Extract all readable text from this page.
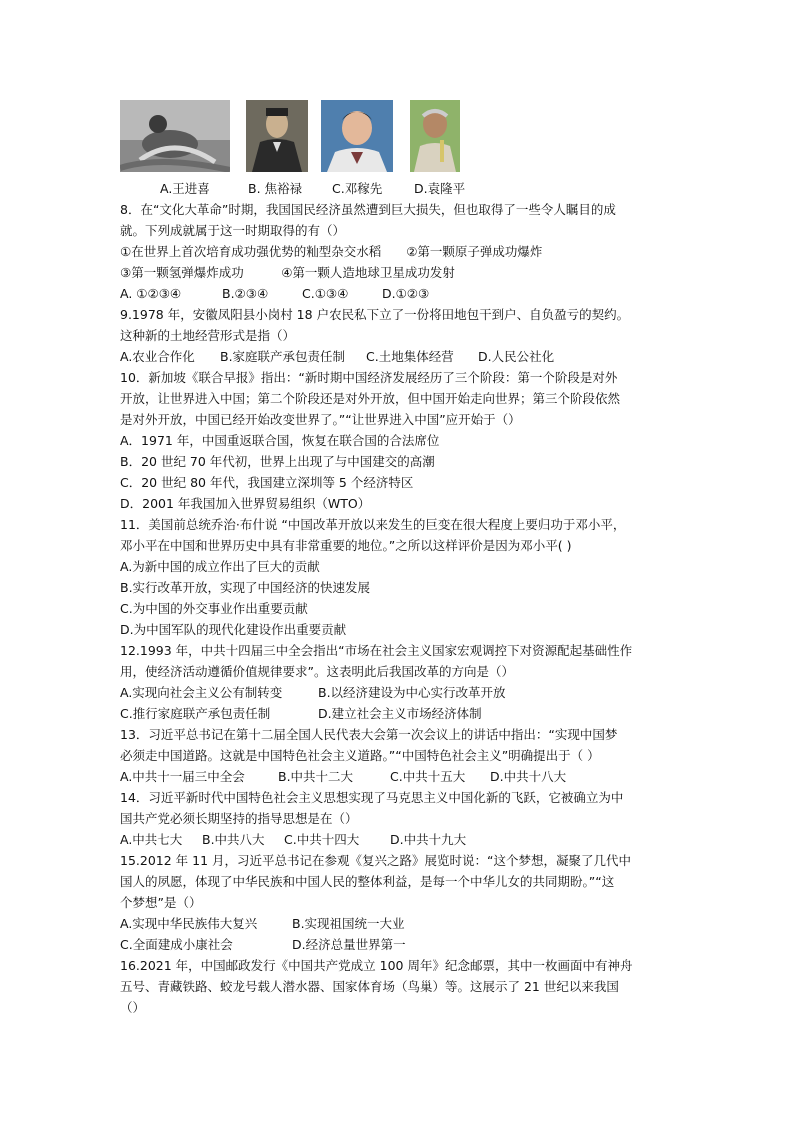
A.王进喜	B. 焦裕禄 C.邓稼先	D.袁隆平
8．在“文化大革命”时期，我国国民经济虽然遭到巨大损失，但也取得了一些令人瞩目的成
就。下列成就属于这一时期取得的有（）
①在世界上首次培育成功强优势的籼型杂交水稻　　②第一颗原子弹成功爆炸
③第一颗氢弹爆炸成功　　　④第一颗人造地球卫星成功发射
A. ①②③④	B.②③④	C.①③④	D.①②③
9.1978 年，安徽凤阳县小岗村 18 户农民私下立了一份将田地包干到户、自负盈亏的契约。
这种新的土地经营形式是指（）
A.农业合作化 B.家庭联产承包责任制 C.土地集体经营 D.人民公社化
10．新加坡《联合早报》指出：“新时期中国经济发展经历了三个阶段：第一个阶段是对外
开放，让世界进入中国；第二个阶段还是对外开放，但中国开始走向世界；第三个阶段依然
是对外开放，中国已经开始改变世界了。”“让世界进入中国”应开始于（）
A．1971 年，中国重返联合国，恢复在联合国的合法席位
B．20 世纪 70 年代初，世界上出现了与中国建交的高潮
C．20 世纪 80 年代，我国建立深圳等 5 个经济特区
D．2001 年我国加入世界贸易组织（WTO）
11．美国前总统乔治·布什说 “中国改革开放以来发生的巨变在很大程度上要归功于邓小平，
邓小平在中国和世界历史中具有非常重要的地位。”之所以这样评价是因为邓小平( )
A.为新中国的成立作出了巨大的贡献
B.实行改革开放，实现了中国经济的快速发展
C.为中国的外交事业作出重要贡献
D.为中国军队的现代化建设作出重要贡献
12.1993 年，中共十四届三中全会指出“市场在社会主义国家宏观调控下对资源配起基础性作
用，使经济活动遵循价值规律要求”。这表明此后我国改革的方向是（）
A.实现向社会主义公有制转变	B.以经济建设为中心实行改革开放
C.推行家庭联产承包责任制	D.建立社会主义市场经济体制
13．习近平总书记在第十二届全国人民代表大会第一次会议上的讲话中指出：“实现中国梦
必须走中国道路。这就是中国特色社会主义道路。”“中国特色社会主义”明确提出于（ ）
A.中共十一届三中全会	B.中共十二大	C.中共十五大 D.中共十八大
14．习近平新时代中国特色社会主义思想实现了马克思主义中国化新的飞跃，它被确立为中
国共产党必须长期坚持的指导思想是在（）
A.中共七大 B.中共八大 C.中共十四大 D.中共十九大
15.2012 年 11 月，习近平总书记在参观《复兴之路》展览时说：“这个梦想，凝聚了几代中
国人的夙愿，体现了中华民族和中国人民的整体利益，是每一个中华儿女的共同期盼。”“这
个梦想”是（）
A.实现中华民族伟大复兴	B.实现祖国统一大业
C.全面建成小康社会	D.经济总量世界第一
16.2021 年，中国邮政发行《中国共产党成立 100 周年》纪念邮票，其中一枚画面中有神舟
五号、青藏铁路、蛟龙号载人潜水器、国家体育场（鸟巢）等。这展示了 21 世纪以来我国
（）
